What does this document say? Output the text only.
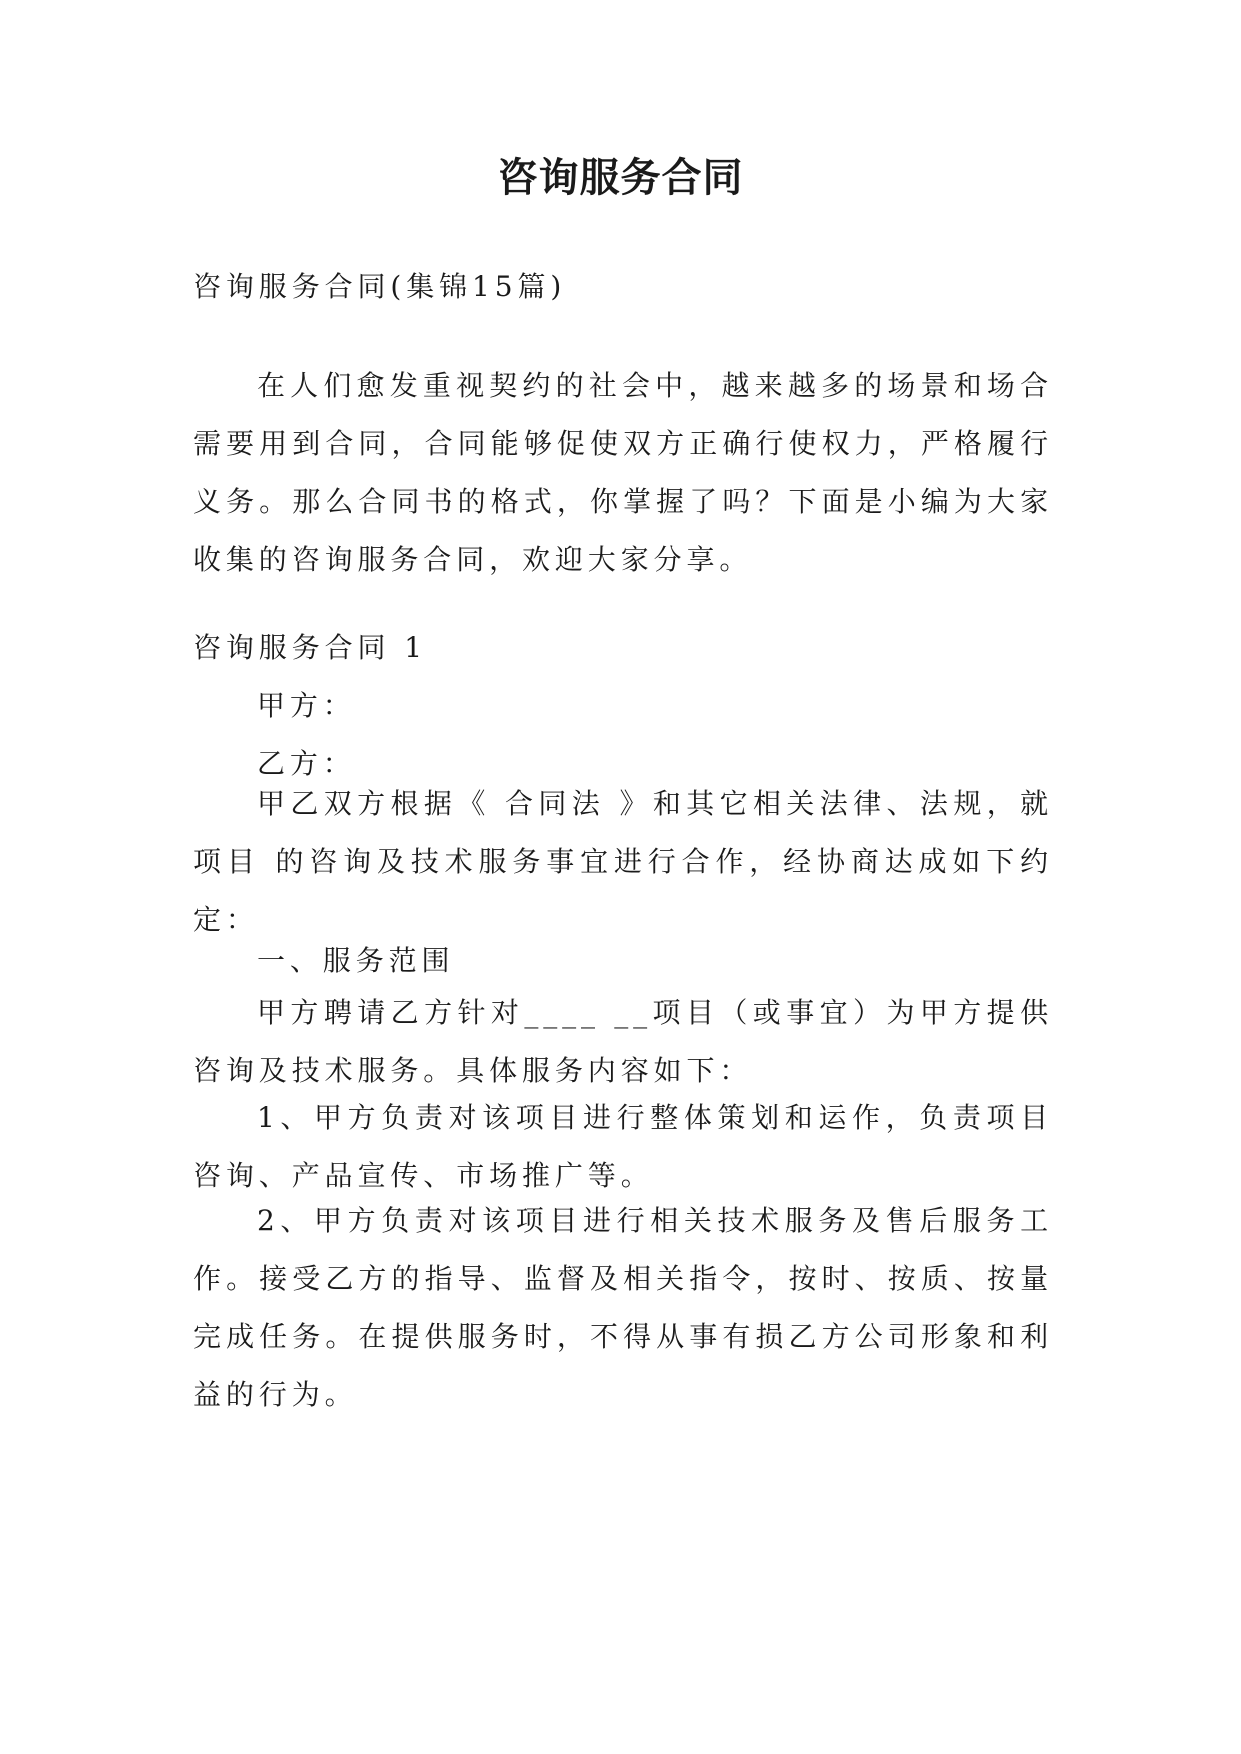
咨询服务合同

咨询服务合同(集锦15篇)

在人们愈发重视契约的社会中，越来越多的场景和场合需要用到合同，合同能够促使双方正确行使权力，严格履行义务。那么合同书的格式，你掌握了吗？下面是小编为大家收集的咨询服务合同，欢迎大家分享。

咨询服务合同 1

甲方：

乙方：

甲乙双方根据《 合同法 》和其它相关法律、法规，就项目 的咨询及技术服务事宜进行合作，经协商达成如下约定：

一、服务范围

甲方聘请乙方针对____ __项目（或事宜）为甲方提供咨询及技术服务。具体服务内容如下：

1、甲方负责对该项目进行整体策划和运作，负责项目咨询、产品宣传、市场推广等。

2、甲方负责对该项目进行相关技术服务及售后服务工作。接受乙方的指导、监督及相关指令，按时、按质、按量完成任务。在提供服务时，不得从事有损乙方公司形象和利益的行为。
